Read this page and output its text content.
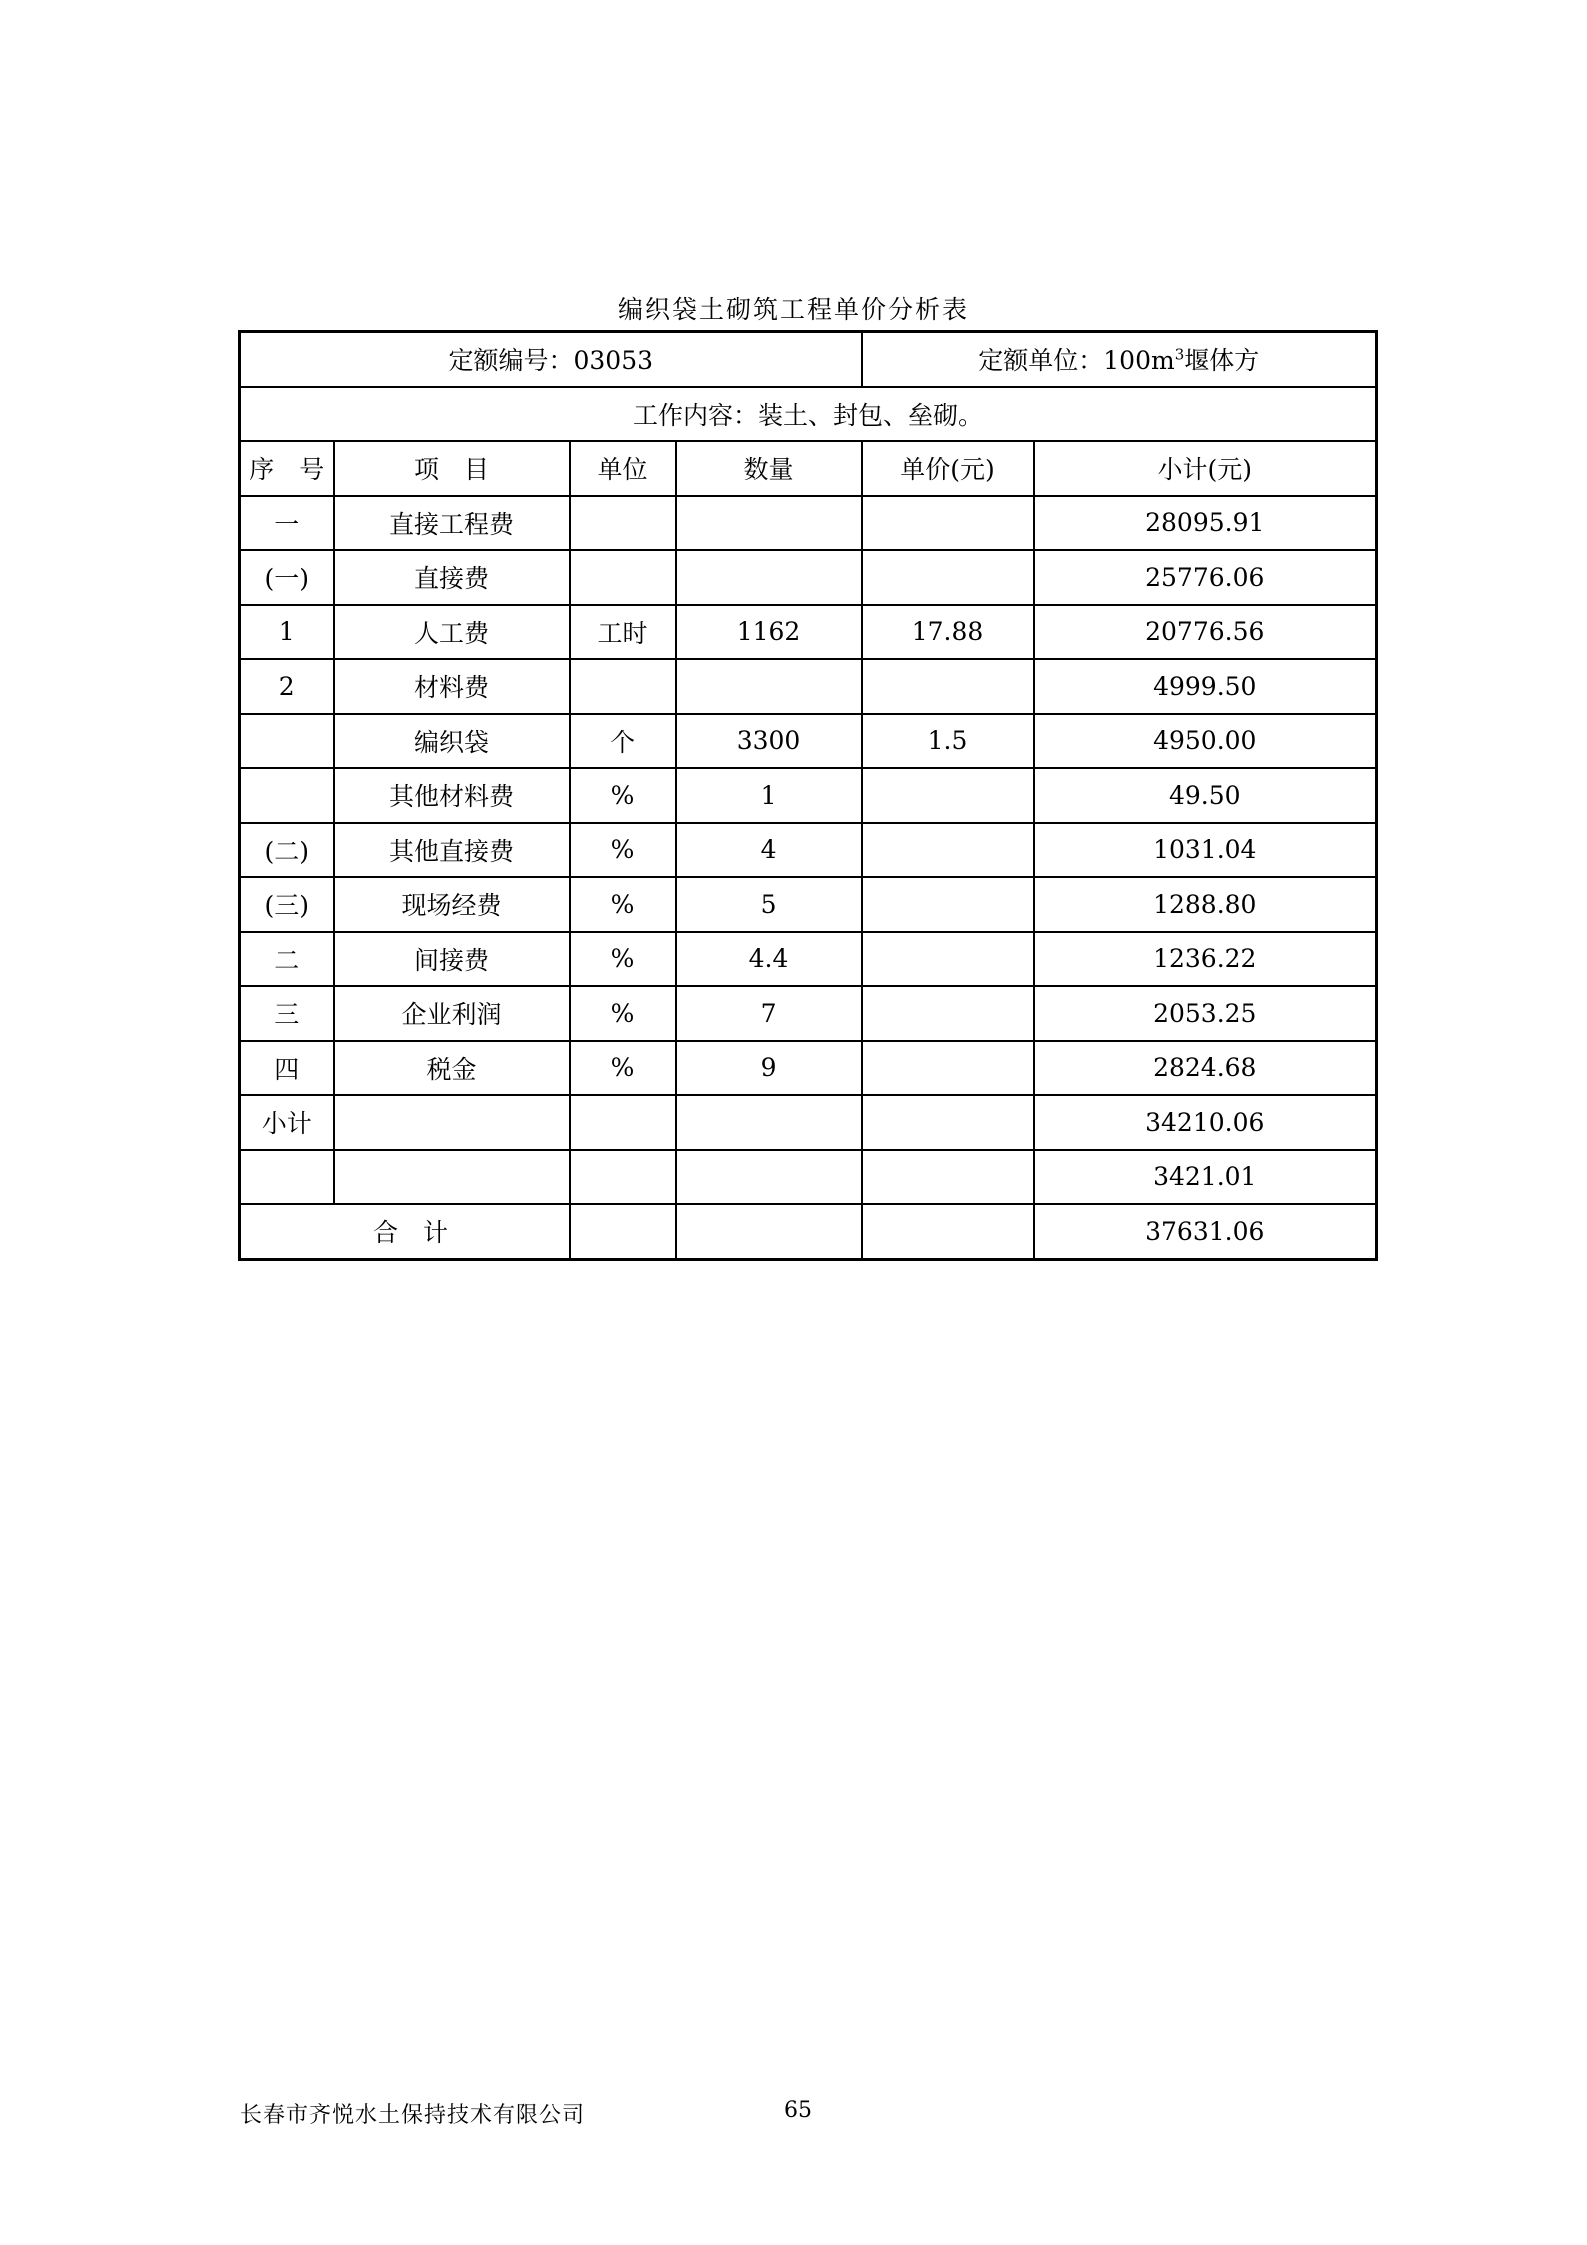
编织袋土砌筑工程单价分析表
定额编号：03053				定额单位：$100m^3$堰体方	
工作内容：装土、封包、垒砌。					
序　号	项　目	单位	数量	单价(元)	小计(元)
一	直接工程费				28095.91
(一)	直接费				25776.06
1	人工费	工时	1162	17.88	20776.56
2	材料费				4999.50
	编织袋	个	3300	1.5	4950.00
	其他材料费	%	1		49.50
(二)	其他直接费	%	4		1031.04
(三)	现场经费	%	5		1288.80
二	间接费	%	4.4		1236.22
三	企业利润	%	7		2053.25
四	税金	%	9		2824.68
小计					34210.06
					3421.01
合　计					37631.06
长春市齐悦水土保持技术有限公司	65
